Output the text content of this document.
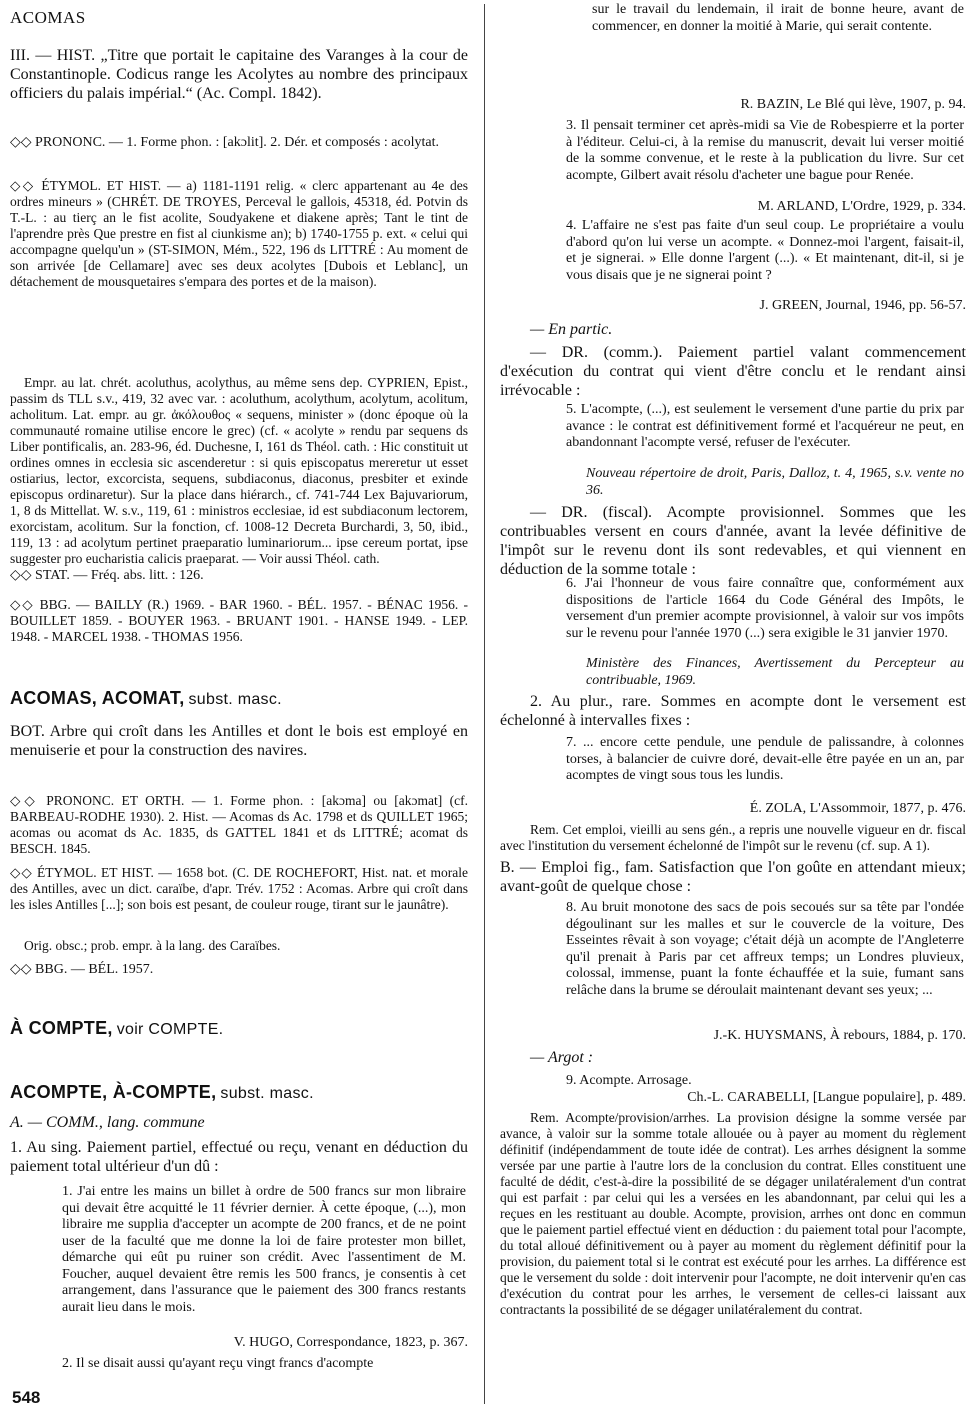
ACOMAS

III. — HIST. „Titre que portait le capitaine des Varanges à la cour de Constantinople. Codicus range les Acolytes au nombre des principaux officiers du palais impérial.“ (Ac. Compl. 1842).

◇◇ PRONONC. — 1. Forme phon. : [akɔlit]. 2. Dér. et composés : acolytat.

◇◇ ÉTYMOL. ET HIST. — a) 1181-1191 relig. « clerc appartenant au 4e des ordres mineurs » (CHRÉT. DE TROYES, Perceval le gallois, 45318, éd. Potvin ds T.-L. : au tierç an le fist acolite, Soudyakene et diakene après; Tant le tint de l'aprendre près Que prestre en fist al ciunkisme an); b) 1740-1755 p. ext. « celui qui accompagne quelqu'un » (ST-SIMON, Mém., 522, 196 ds LITTRÉ : Au moment de son arrivée [de Cellamare] avec ses deux acolytes [Dubois et Leblanc], un détachement de mousquetaires s'empara des portes et de la maison).

Empr. au lat. chrét. acoluthus, acolythus, au même sens dep. CYPRIEN, Epist., passim ds TLL s.v., 419, 32 avec var. : acoluthum, acolythum, acolytum, acolitum, acholitum. Lat. empr. au gr. ἀκόλουθος « sequens, minister » (donc époque où la communauté romaine utilise encore le grec) (cf. « acolyte » rendu par sequens ds Liber pontificalis, an. 283-96, éd. Duchesne, I, 161 ds Théol. cath. : Hic constituit ut ordines omnes in ecclesia sic ascenderetur : si quis episcopatus mereretur ut esset ostiarius, lector, excorcista, sequens, subdiaconus, diaconus, presbiter et exinde episcopus ordinaretur). Sur la place dans hiérarch., cf. 741-744 Lex Bajuvariorum, 1, 8 ds Mittellat. W. s.v., 119, 61 : ministros ecclesiae, id est subdiaconum lectorem, exorcistam, acolitum. Sur la fonction, cf. 1008-12 Decreta Burchardi, 3, 50, ibid., 119, 13 : ad acolytum pertinet praeparatio luminariorum... ipse cereum portat, ipse suggester pro eucharistia calicis praeparat. — Voir aussi Théol. cath.

◇◇ STAT. — Fréq. abs. litt. : 126.

◇◇ BBG. — BAILLY (R.) 1969. - BAR 1960. - BÉL. 1957. - BÉNAC 1956. - BOUILLET 1859. - BOUYER 1963. - BRUANT 1901. - HANSE 1949. - LEP. 1948. - MARCEL 1938. - THOMAS 1956.

ACOMAS, ACOMAT, subst. masc.

BOT. Arbre qui croît dans les Antilles et dont le bois est employé en menuiserie et pour la construction des navires.

◇◇ PRONONC. ET ORTH. — 1. Forme phon. : [akɔma] ou [akɔmat] (cf. BARBEAU-RODHE 1930). 2. Hist. — Acomas ds Ac. 1798 et ds QUILLET 1965; acomas ou acomat ds Ac. 1835, ds GATTEL 1841 et ds LITTRÉ; acomat ds BESCH. 1845.

◇◇ ÉTYMOL. ET HIST. — 1658 bot. (C. DE ROCHEFORT, Hist. nat. et morale des Antilles, avec un dict. caraïbe, d'apr. Trév. 1752 : Acomas. Arbre qui croît dans les isles Antilles [...]; son bois est pesant, de couleur rouge, tirant sur le jaunâtre).

Orig. obsc.; prob. empr. à la lang. des Caraïbes.

◇◇ BBG. — BÉL. 1957.

À COMPTE, voir COMPTE.
ACOMPTE, À-COMPTE, subst. masc.

A. — COMM., lang. commune

1. Au sing. Paiement partiel, effectué ou reçu, venant en déduction du paiement total ultérieur d'un dû :

1. J'ai entre les mains un billet à ordre de 500 francs sur mon libraire qui devait être acquitté le 11 février dernier. À cette époque, (...), mon libraire me supplia d'accepter un acompte de 200 francs, et de ne point user de la faculté que me donne la loi de faire protester mon billet, démarche qui eût pu ruiner son crédit. Avec l'assentiment de M. Foucher, auquel devaient être remis les 500 francs, je consentis à cet arrangement, dans l'assurance que le paiement des 300 francs restants aurait lieu dans le mois.

V. HUGO, Correspondance, 1823, p. 367.

2. Il se disait aussi qu'ayant reçu vingt francs d'acompte

sur le travail du lendemain, il irait de bonne heure, avant de commencer, en donner la moitié à Marie, qui serait contente.

R. BAZIN, Le Blé qui lève, 1907, p. 94.

3. Il pensait terminer cet après-midi sa Vie de Robespierre et la porter à l'éditeur. Celui-ci, à la remise du manuscrit, devait lui verser moitié de la somme convenue, et le reste à la publication du livre. Sur cet acompte, Gilbert avait résolu d'acheter une bague pour Renée.

M. ARLAND, L'Ordre, 1929, p. 334.

4. L'affaire ne s'est pas faite d'un seul coup. Le propriétaire a voulu d'abord qu'on lui verse un acompte. « Donnez-moi l'argent, faisait-il, et je signerai. » Elle donne l'argent (...). « Et maintenant, dit-il, si je vous disais que je ne signerai point ?

J. GREEN, Journal, 1946, pp. 56-57.

— En partic.

— DR. (comm.). Paiement partiel valant commencement d'exécution du contrat qui vient d'être conclu et le rendant ainsi irrévocable :

5. L'acompte, (...), est seulement le versement d'une partie du prix par avance : le contrat est définitivement formé et l'acquéreur ne peut, en abandonnant l'acompte versé, refuser de l'exécuter.

Nouveau répertoire de droit, Paris, Dalloz, t. 4, 1965, s.v. vente no 36.

— DR. (fiscal). Acompte provisionnel. Sommes que les contribuables versent en cours d'année, avant la levée définitive de l'impôt sur le revenu dont ils sont redevables, et qui viennent en déduction de la somme totale :

6. J'ai l'honneur de vous faire connaître que, conformément aux dispositions de l'article 1664 du Code Général des Impôts, le versement d'un premier acompte provisionnel, à valoir sur vos impôts sur le revenu pour l'année 1970 (...) sera exigible le 31 janvier 1970.

Ministère des Finances, Avertissement du Percepteur au contribuable, 1969.

2. Au plur., rare. Sommes en acompte dont le versement est échelonné à intervalles fixes :

7. ... encore cette pendule, une pendule de palissandre, à colonnes torses, à balancier de cuivre doré, devait-elle être payée en un an, par acomptes de vingt sous tous les lundis.

É. ZOLA, L'Assommoir, 1877, p. 476.

Rem. Cet emploi, vieilli au sens gén., a repris une nouvelle vigueur en dr. fiscal avec l'institution du versement échelonné de l'impôt sur le revenu (cf. sup. A 1).

B. — Emploi fig., fam. Satisfaction que l'on goûte en attendant mieux; avant-goût de quelque chose :

8. Au bruit monotone des sacs de pois secoués sur sa tête par l'ondée dégoulinant sur les malles et sur le couvercle de la voiture, Des Esseintes rêvait à son voyage; c'était déjà un acompte de l'Angleterre qu'il prenait à Paris par cet affreux temps; un Londres pluvieux, colossal, immense, puant la fonte échauffée et la suie, fumant sans relâche dans la brume se déroulait maintenant devant ses yeux; ...

J.-K. HUYSMANS, À rebours, 1884, p. 170.

— Argot :

9. Acompte. Arrosage.

Ch.-L. CARABELLI, [Langue populaire], p. 489.

Rem. Acompte/provision/arrhes. La provision désigne la somme versée par avance, à valoir sur la somme totale allouée ou à payer au moment du règlement définitif (indépendamment de toute idée de contrat). Les arrhes désignent la somme versée par une partie à l'autre lors de la conclusion du contrat. Elles constituent une faculté de dédit, c'est-à-dire la possibilité de se dégager unilatéralement d'un contrat qui est parfait : par celui qui les a versées en les abandonnant, par celui qui les a reçues en les restituant au double. Acompte, provision, arrhes ont donc en commun que le paiement partiel effectué vient en déduction : du paiement total pour l'acompte, du total alloué définitivement ou à payer au moment du règlement définitif pour la provision, du paiement total si le contrat est exécuté pour les arrhes. La différence est que le versement du solde : doit intervenir pour l'acompte, ne doit intervenir qu'en cas d'exécution du contrat pour les arrhes, le versement de celles-ci laissant aux contractants la possibilité de se dégager unilatéralement du contrat.

548
